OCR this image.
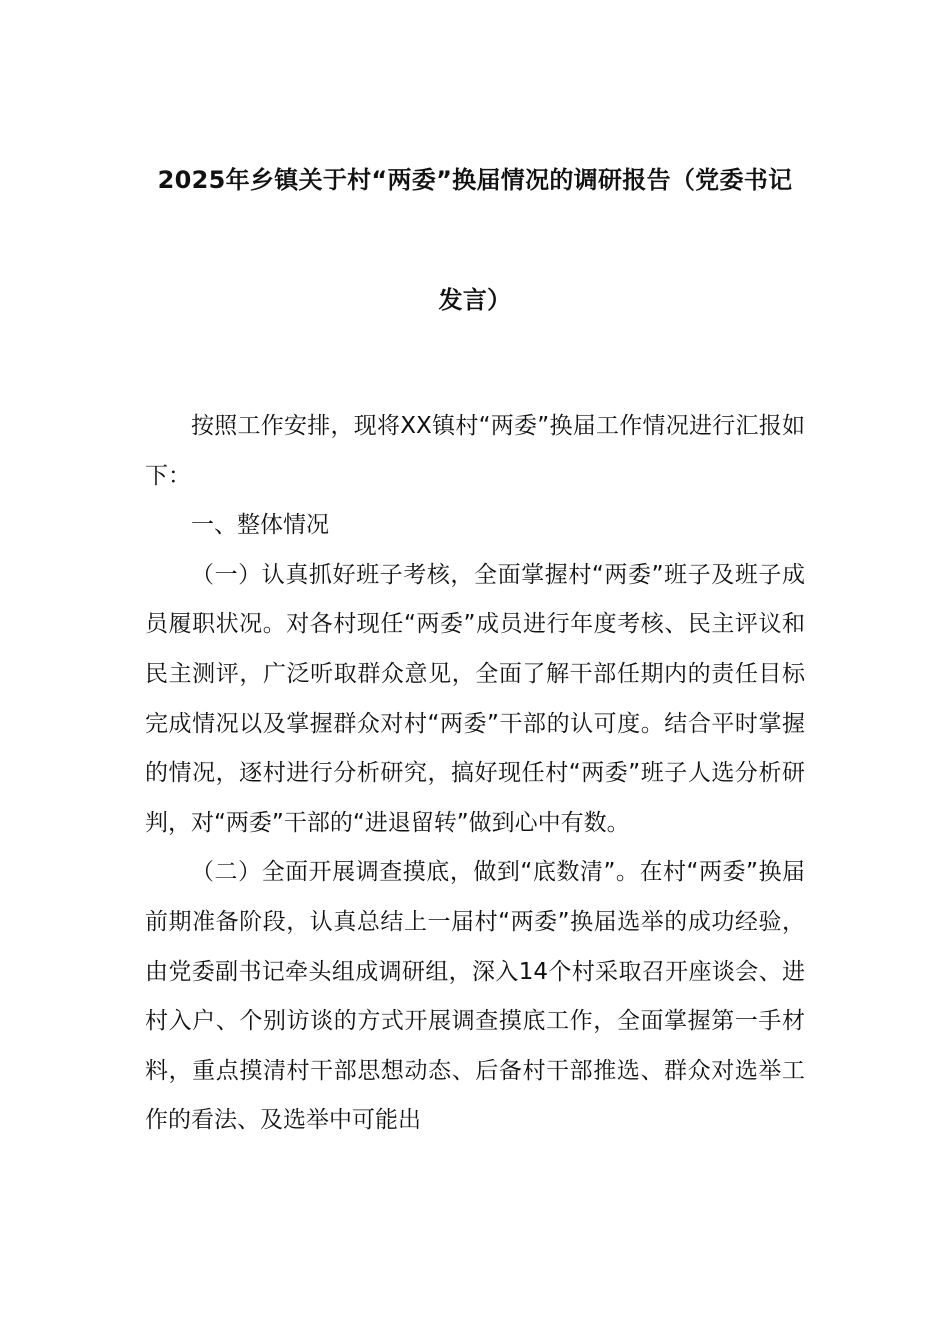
2025年乡镇关于村“两委”换届情况的调研报告（党委书记
发言）

按照工作安排，现将XX镇村“两委”换届工作情况进行汇报如下：

一、整体情况

（一）认真抓好班子考核，全面掌握村“两委”班子及班子成员履职状况。对各村现任“两委”成员进行年度考核、民主评议和民主测评，广泛听取群众意见，全面了解干部任期内的责任目标完成情况以及掌握群众对村“两委”干部的认可度。结合平时掌握的情况，逐村进行分析研究，搞好现任村“两委”班子人选分析研判，对“两委”干部的“进退留转”做到心中有数。

（二）全面开展调查摸底，做到“底数清”。在村“两委”换届前期准备阶段，认真总结上一届村“两委”换届选举的成功经验，由党委副书记牵头组成调研组，深入14个村采取召开座谈会、进村入户、个别访谈的方式开展调查摸底工作，全面掌握第一手材料，重点摸清村干部思想动态、后备村干部推选、群众对选举工作的看法、及选举中可能出
